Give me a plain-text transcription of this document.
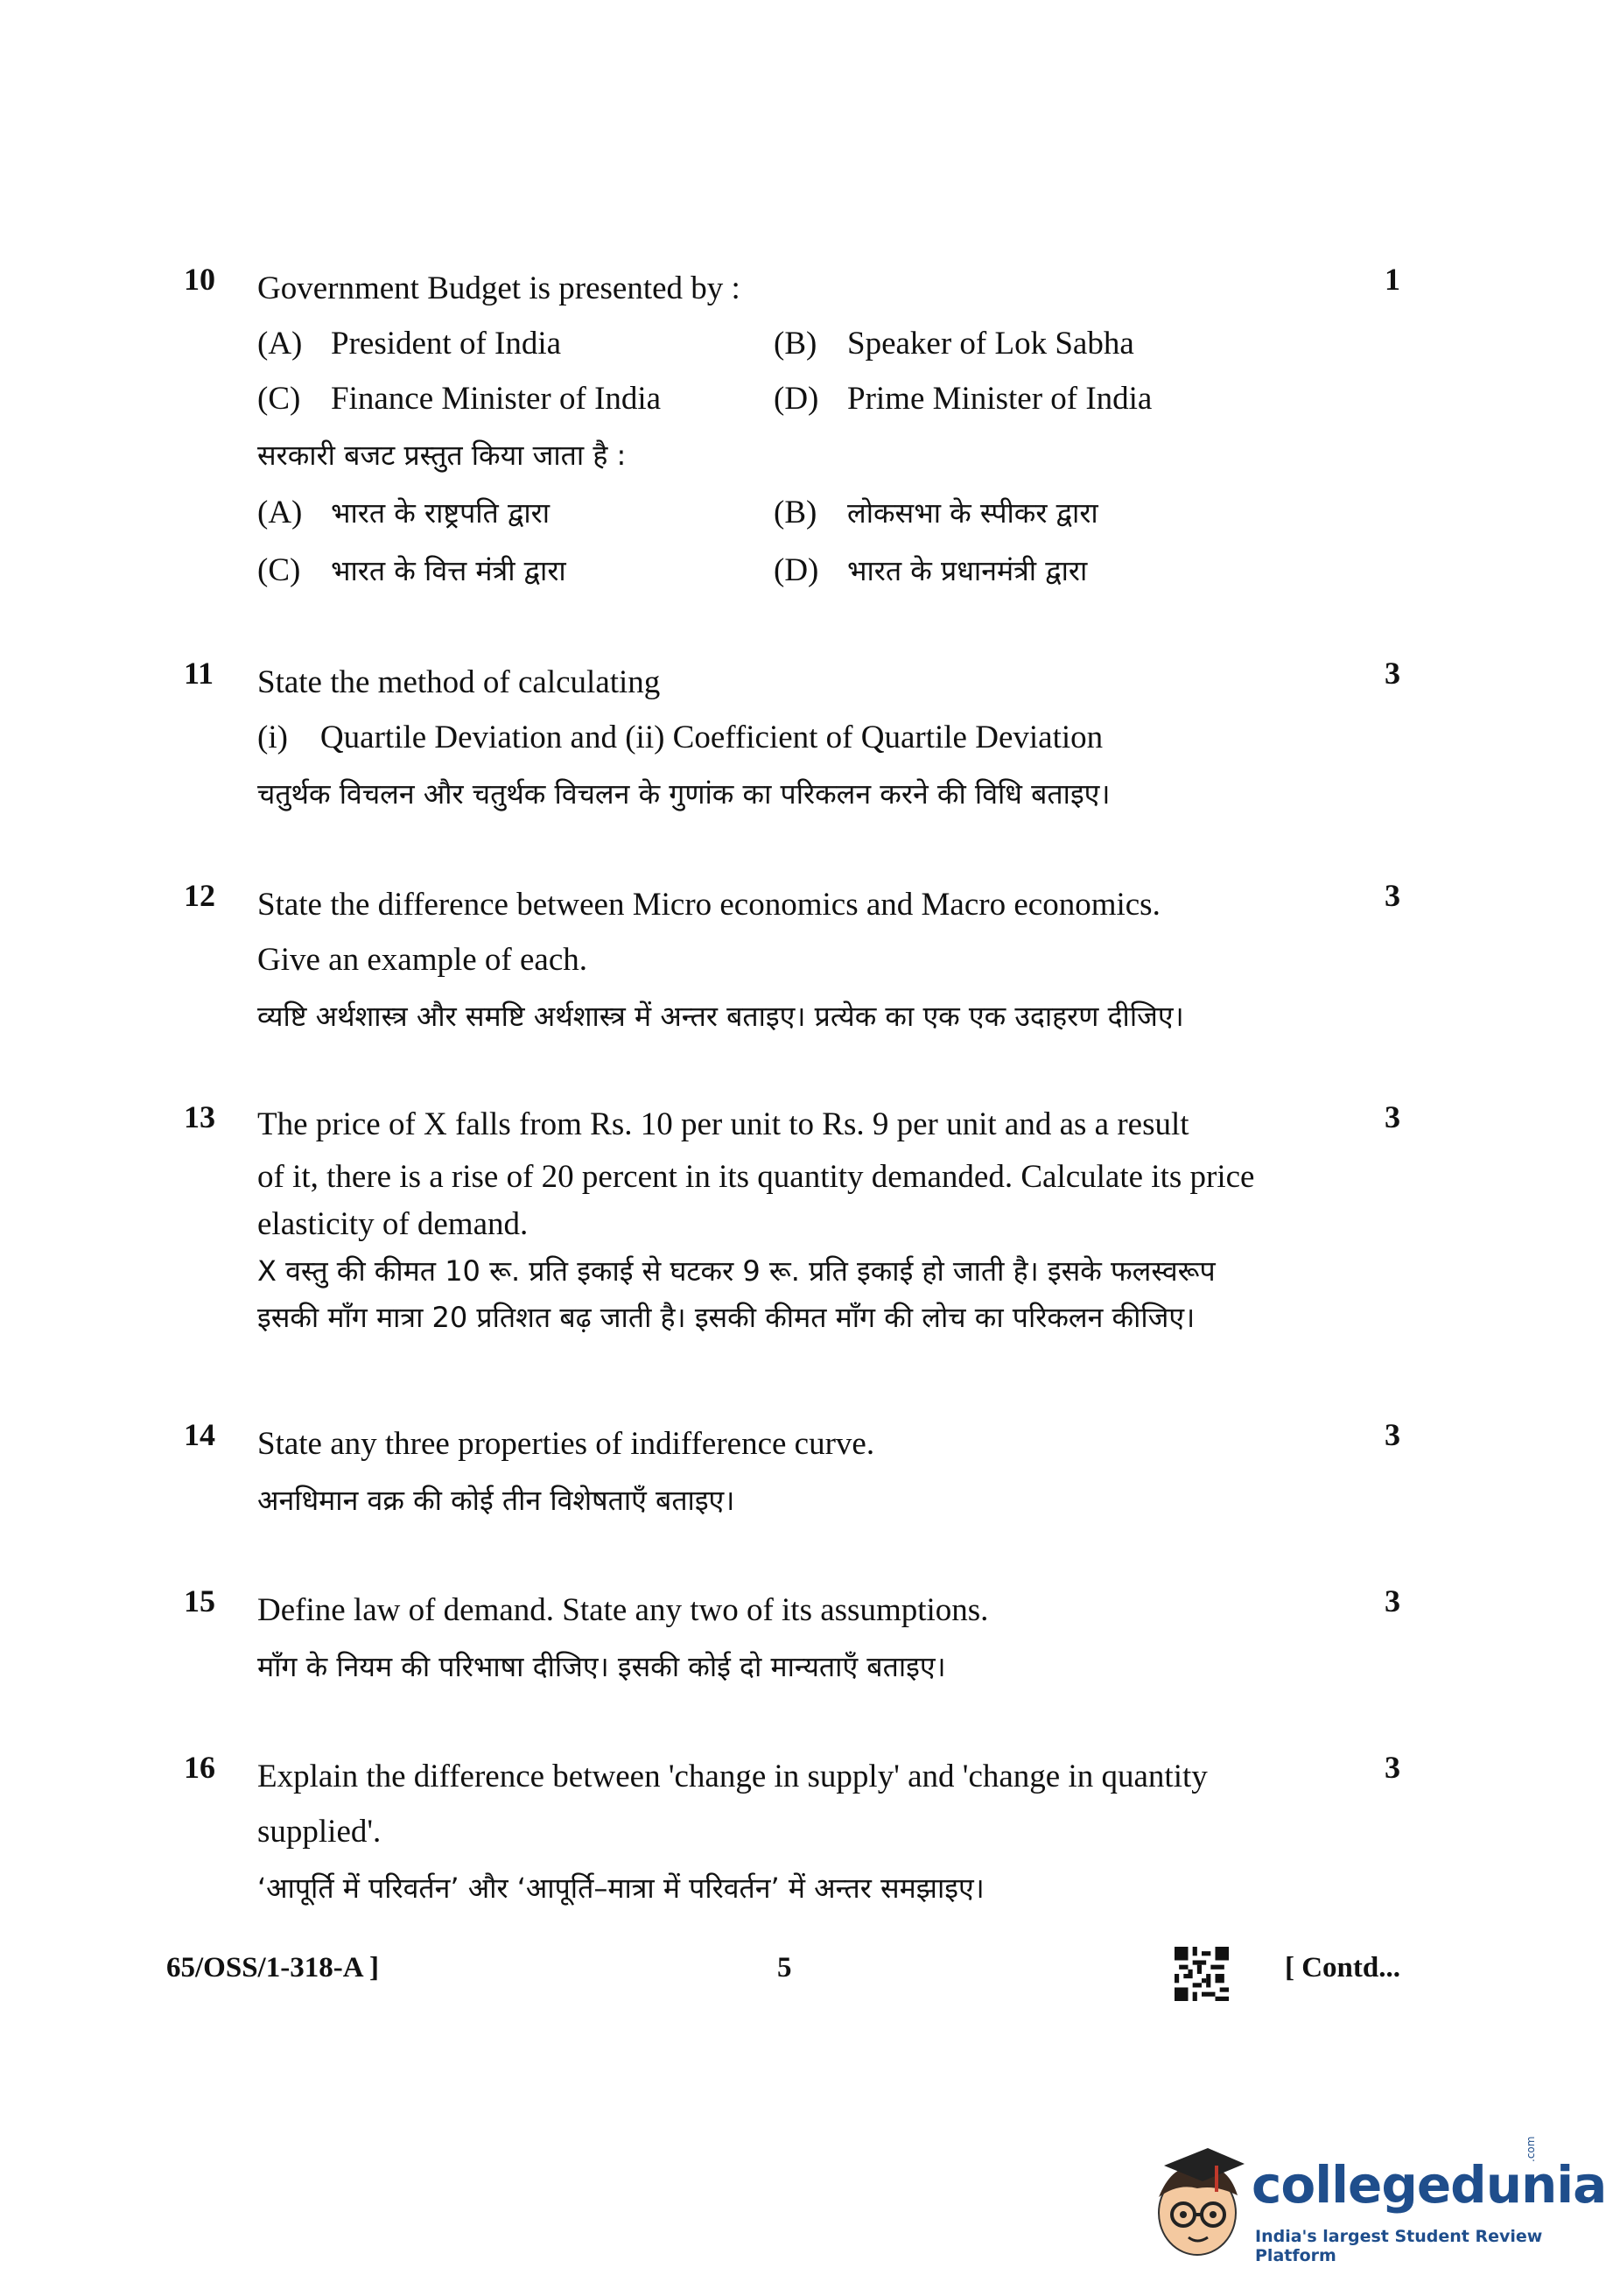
10	1
Government Budget is presented by :
(A) President of India	(B) Speaker of Lok Sabha
(C) Finance Minister of India	(D) Prime Minister of India
सरकारी बजट प्रस्तुत किया जाता है :
(A)	भारत के राष्ट्रपति द्वारा	(B)	लोकसभा के स्पीकर द्वारा
(C)	भारत के वित्त मंत्री द्वारा	(D)	भारत के प्रधानमंत्री द्वारा
11	3
State the method of calculating
(i)    Quartile Deviation and (ii) Coefficient of Quartile Deviation
चतुर्थक विचलन और चतुर्थक विचलन के गुणांक का परिकलन करने की विधि बताइए।
12	3
State the difference between Micro economics and Macro economics.
Give an example of each.
व्यष्टि अर्थशास्त्र और समष्टि अर्थशास्त्र में अन्तर बताइए। प्रत्येक का एक एक उदाहरण दीजिए।
13	3
The price of X falls from Rs. 10 per unit to Rs. 9 per unit and as a result
of it, there is a rise of 20 percent in its quantity demanded. Calculate its price
elasticity of demand.
X वस्तु की कीमत 10 रू. प्रति इकाई से घटकर 9 रू. प्रति इकाई हो जाती है। इसके फलस्वरूप
इसकी माँग मात्रा 20 प्रतिशत बढ़ जाती है। इसकी कीमत माँग की लोच का परिकलन कीजिए।
14	3
State any three properties of indifference curve.
अनधिमान वक्र की कोई तीन विशेषताएँ बताइए।
15	3
Define law of demand. State any two of its assumptions.
माँग के नियम की परिभाषा दीजिए। इसकी कोई दो मान्यताएँ बताइए।
16	3
Explain the difference between 'change in supply' and 'change in quantity
supplied'.
‘आपूर्ति में परिवर्तन’ और ‘आपूर्ति–मात्रा में परिवर्तन’ में अन्तर समझाइए।
65/OSS/1-318-A ]	5	[ Contd...
collegedunia
.com
India's largest Student Review Platform
